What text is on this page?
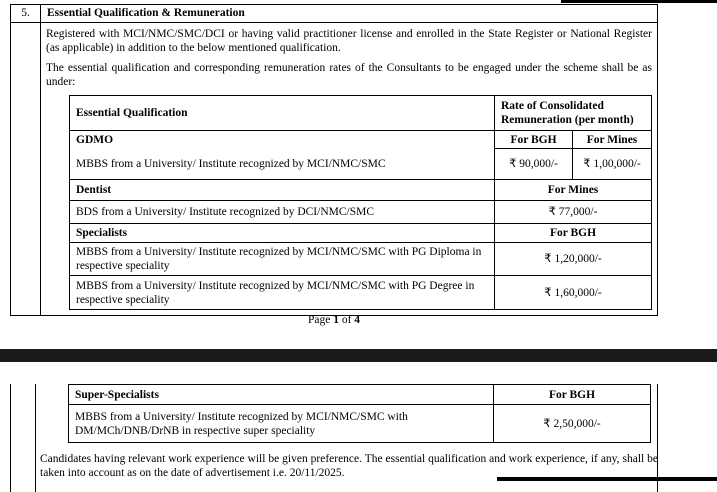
5.	Essential Qualification & Remuneration

Registered with MCI/NMC/SMC/DCI or having valid practitioner license and enrolled in the State Register or National Register (as applicable) in addition to the below mentioned qualification.

The essential qualification and corresponding remuneration rates of the Consultants to be engaged under the scheme shall be as under:

Essential Qualification	Rate of Consolidated Remuneration (per month)
GDMO	For BGH	For Mines
MBBS from a University/ Institute recognized by MCI/NMC/SMC	₹ 90,000/-	₹ 1,00,000/-
Dentist	For Mines
BDS from a University/ Institute recognized by DCI/NMC/SMC	₹ 77,000/-
Specialists	For BGH
MBBS from a University/ Institute recognized by MCI/NMC/SMC with PG Diploma in respective speciality	₹ 1,20,000/-
MBBS from a University/ Institute recognized by MCI/NMC/SMC with PG Degree in respective speciality	₹ 1,60,000/-
Page 1 of 4
Super-Specialists	For BGH
MBBS from a University/ Institute recognized by MCI/NMC/SMC with DM/MCh/DNB/DrNB in respective super speciality	₹ 2,50,000/-

Candidates having relevant work experience will be given preference. The essential qualification and work experience, if any, shall be taken into account as on the date of advertisement i.e. 20/11/2025.
